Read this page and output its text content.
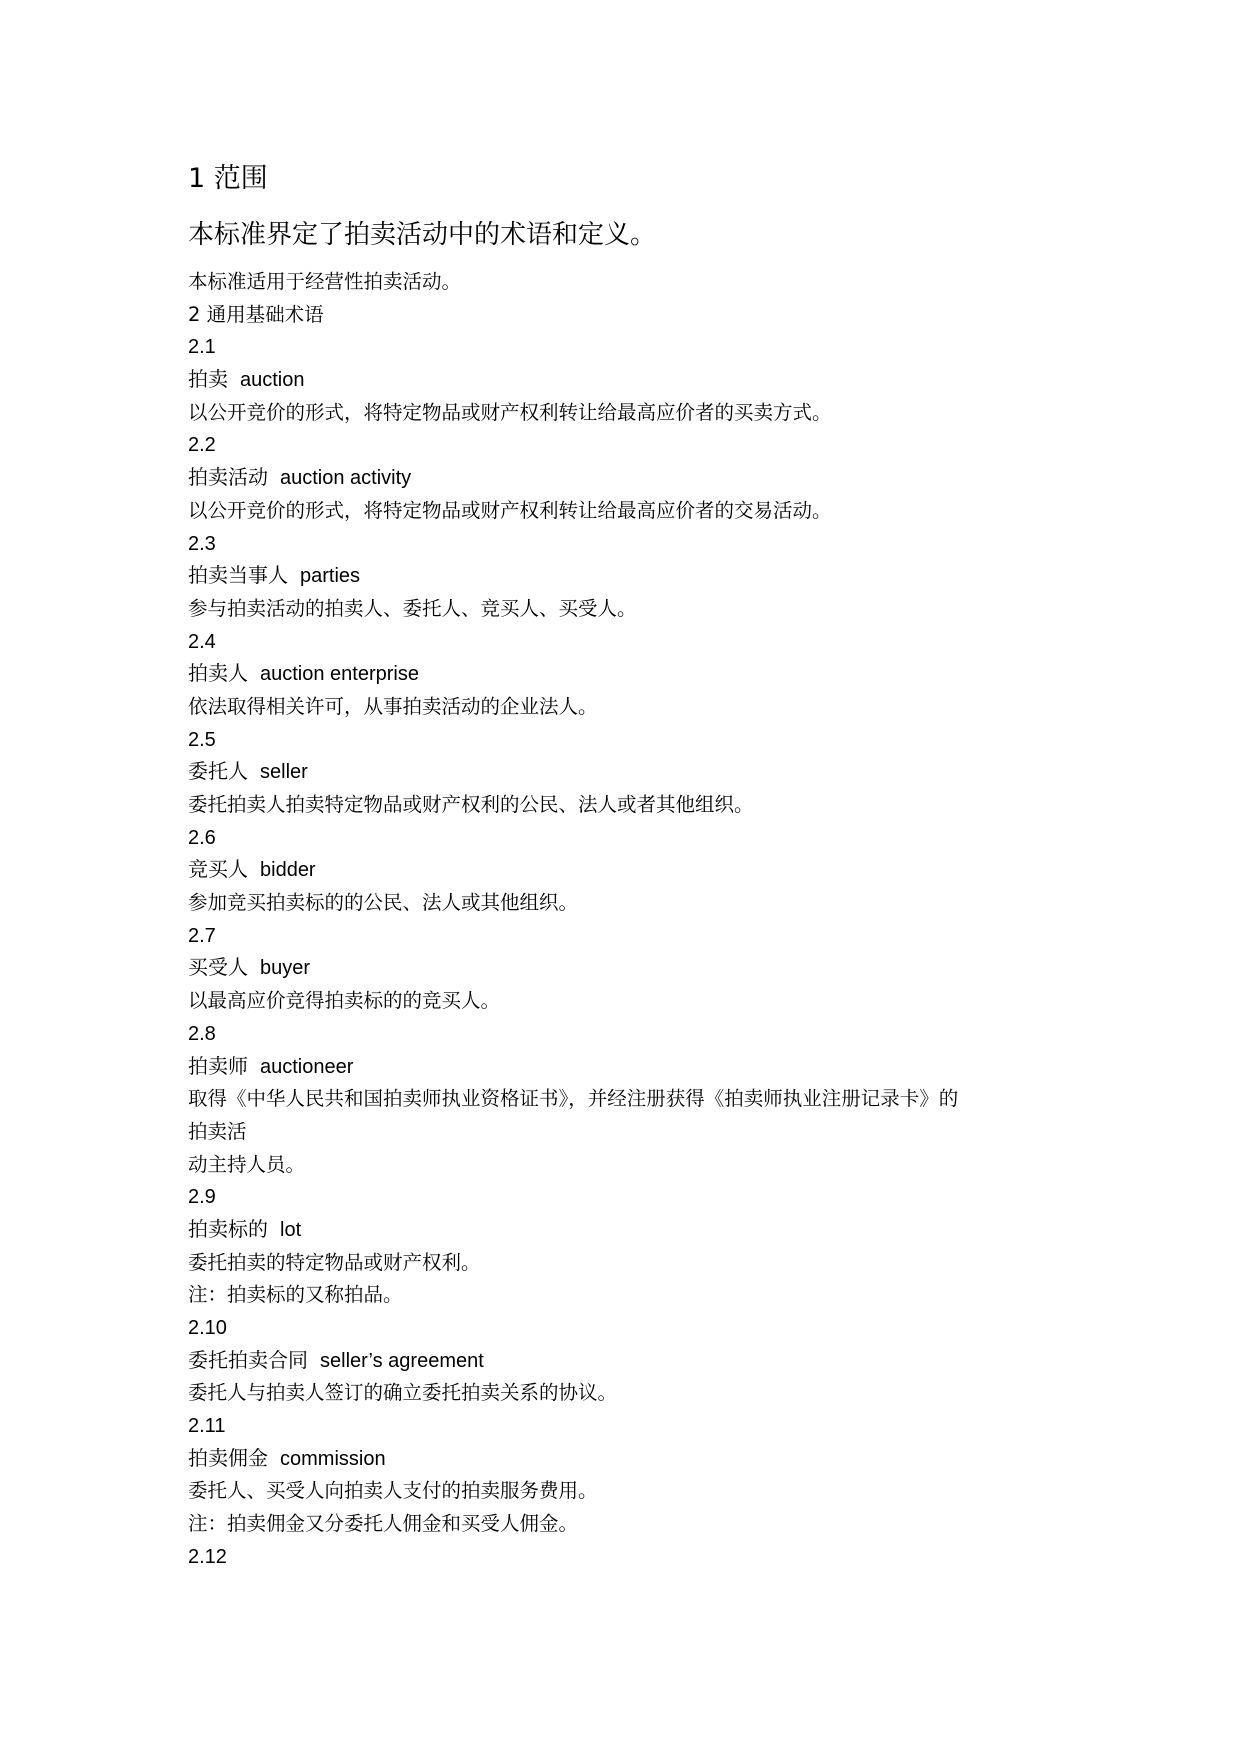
1 范围
本标准界定了拍卖活动中的术语和定义。
本标准适用于经营性拍卖活动。
2 通用基础术语
2.1
拍卖 auction
以公开竞价的形式，将特定物品或财产权利转让给最高应价者的买卖方式。
2.2
拍卖活动 auction activity
以公开竞价的形式，将特定物品或财产权利转让给最高应价者的交易活动。
2.3
拍卖当事人 parties
参与拍卖活动的拍卖人、委托人、竞买人、买受人。
2.4
拍卖人 auction enterprise
依法取得相关许可，从事拍卖活动的企业法人。
2.5
委托人 seller
委托拍卖人拍卖特定物品或财产权利的公民、法人或者其他组织。
2.6
竞买人 bidder
参加竞买拍卖标的的公民、法人或其他组织。
2.7
买受人 buyer
以最高应价竞得拍卖标的的竞买人。
2.8
拍卖师 auctioneer
取得《中华人民共和国拍卖师执业资格证书》，并经注册获得《拍卖师执业注册记录卡》的
拍卖活
动主持人员。
2.9
拍卖标的 lot
委托拍卖的特定物品或财产权利。
注：拍卖标的又称拍品。
2.10
委托拍卖合同 seller’s agreement
委托人与拍卖人签订的确立委托拍卖关系的协议。
2.11
拍卖佣金 commission
委托人、买受人向拍卖人支付的拍卖服务费用。
注：拍卖佣金又分委托人佣金和买受人佣金。
2.12
